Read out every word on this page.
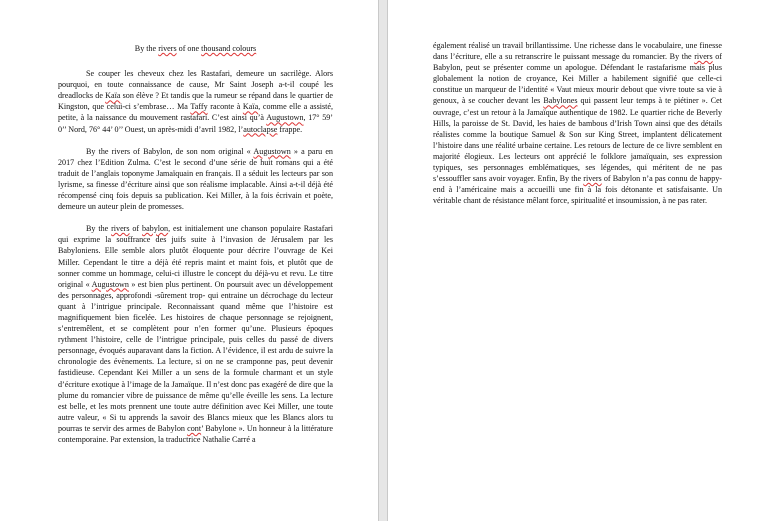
By the rivers of one thousand colours

Se couper les cheveux chez les Rastafari, demeure un sacrilège. Alors pourquoi, en toute connaissance de cause, Mr Saint Joseph a-t-il coupé les dreadlocks de Kaïa son élève ? Et tandis que la rumeur se répand dans le quartier de Kingston, que celui-ci s’embrase… Ma Taffy raconte à Kaïa, comme elle a assisté, petite, à la naissance du mouvement rastafari. C’est ainsi qu’à Augustown, 17° 59’ 0’’ Nord, 76° 44’ 0’’ Ouest, un après-midi d’avril 1982, l’autoclapse frappe.

By the rivers of Babylon, de son nom original « Augustown » a paru en 2017 chez l’Edition Zulma. C’est le second d’une série de huit romans qui a été traduit de l’anglais toponyme Jamaïquain en français. Il a séduit les lecteurs par son lyrisme, sa finesse d’écriture ainsi que son réalisme implacable. Ainsi a-t-il déjà été récompensé cinq fois depuis sa publication. Kei Miller, à la fois écrivain et poète, demeure un auteur plein de promesses.

By the rivers of babylon, est initialement une chanson populaire Rastafari qui exprime la souffrance des juifs suite à l’invasion de Jérusalem par les Babyloniens. Elle semble alors plutôt éloquente pour décrire l’ouvrage de Kei Miller. Cependant le titre a déjà été repris maint et maint fois, et plutôt que de sonner comme un hommage, celui-ci illustre le concept du déjà-vu et revu. Le titre original « Augustown » est bien plus pertinent. On poursuit avec un développement des personnages, approfondi -sûrement trop- qui entraine un décrochage du lecteur quant à l’intrigue principale. Reconnaissant quand même que l’histoire est magnifiquement bien ficelée. Les histoires de chaque personnage se rejoignent, s’entremêlent, et se complètent pour n’en former qu’une. Plusieurs époques rythment l’histoire, celle de l’intrigue principale, puis celles du passé de divers personnage, évoqués auparavant dans la fiction. A l’évidence, il est ardu de suivre la chronologie des évènements. La lecture, si on ne se cramponne pas, peut devenir fastidieuse. Cependant Kei Miller a un sens de la formule charmant et un style d’écriture exotique à l’image de la Jamaïque. Il n’est donc pas exagéré de dire que la plume du romancier vibre de puissance de même qu’elle éveille les sens. La lecture est belle, et les mots prennent une toute autre définition avec Kei Miller, une toute autre valeur, « Si tu apprends la savoir des Blancs mieux que les Blancs alors tu pourras te servir des armes de Babylon cont’ Babylone ». Un honneur à la littérature contemporaine. Par extension, la traductrice Nathalie Carré a

également réalisé un travail brillantissime. Une richesse dans le vocabulaire, une finesse dans l’écriture, elle a su retranscrire le puissant message du romancier. By the rivers of Babylon, peut se présenter comme un apologue. Défendant le rastafarisme mais plus globalement la notion de croyance, Kei Miller a habilement signifié que celle-ci constitue un marqueur de l’identité « Vaut mieux mourir debout que vivre toute sa vie à genoux, à se coucher devant les Babylones qui passent leur temps à te piétiner ». Cet ouvrage, c’est un retour à la Jamaïque authentique de 1982. Le quartier riche de Beverly Hills, la paroisse de St. David, les haies de bambous d’Irish Town ainsi que des détails réalistes comme la boutique Samuel & Son sur King Street, implantent délicatement l’histoire dans une réalité urbaine certaine. Les retours de lecture de ce livre semblent en majorité élogieux. Les lecteurs ont apprécié le folklore jamaïquain, ses expression typiques, ses personnages emblématiques, ses légendes, qui méritent de ne pas s’essouffler sans avoir voyager. Enfin, By the rivers of Babylon n’a pas connu de happy-end à l’américaine mais a accueilli une fin à la fois détonante et satisfaisante. Un véritable chant de résistance mêlant force, spiritualité et insoumission, à ne pas rater.
